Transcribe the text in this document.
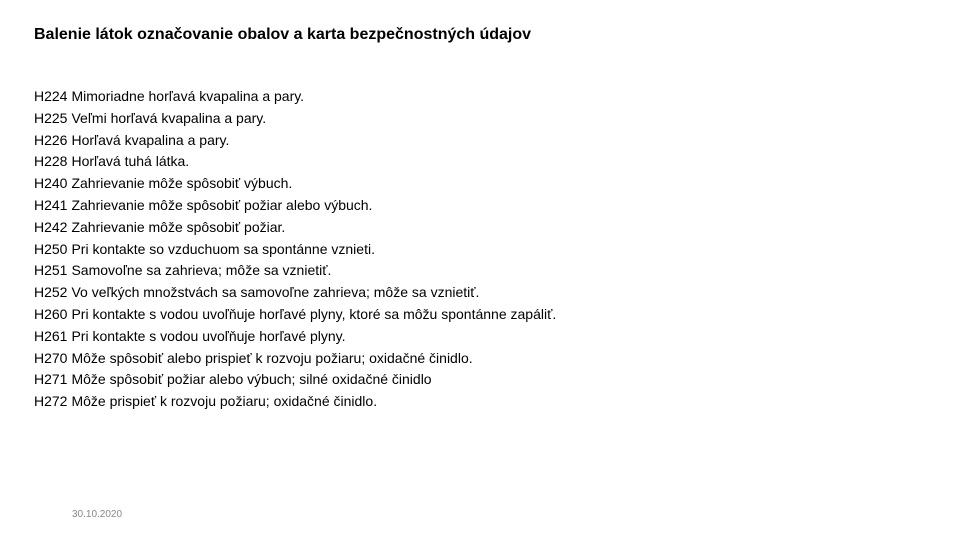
Balenie látok označovanie obalov a karta bezpečnostných údajov
H224 Mimoriadne horľavá kvapalina a pary.
H225 Veľmi horľavá kvapalina a pary.
H226 Horľavá kvapalina a pary.
H228 Horľavá tuhá látka.
H240 Zahrievanie môže spôsobiť výbuch.
H241 Zahrievanie môže spôsobiť požiar alebo výbuch.
H242 Zahrievanie môže spôsobiť požiar.
H250 Pri kontakte so vzduchuom sa spontánne vznieti.
H251 Samovoľne sa zahrieva; môže sa vznietiť.
H252 Vo veľkých množstvách sa samovoľne zahrieva; môže sa vznietiť.
H260 Pri kontakte s vodou uvoľňuje horľavé plyny, ktoré sa môžu spontánne zapáliť.
H261 Pri kontakte s vodou uvoľňuje horľavé plyny.
H270 Môže spôsobiť alebo prispieť k rozvoju požiaru; oxidačné činidlo.
H271 Môže spôsobiť požiar alebo výbuch; silné oxidačné činidlo
H272 Môže prispieť k rozvoju požiaru; oxidačné činidlo.
30.10.2020
